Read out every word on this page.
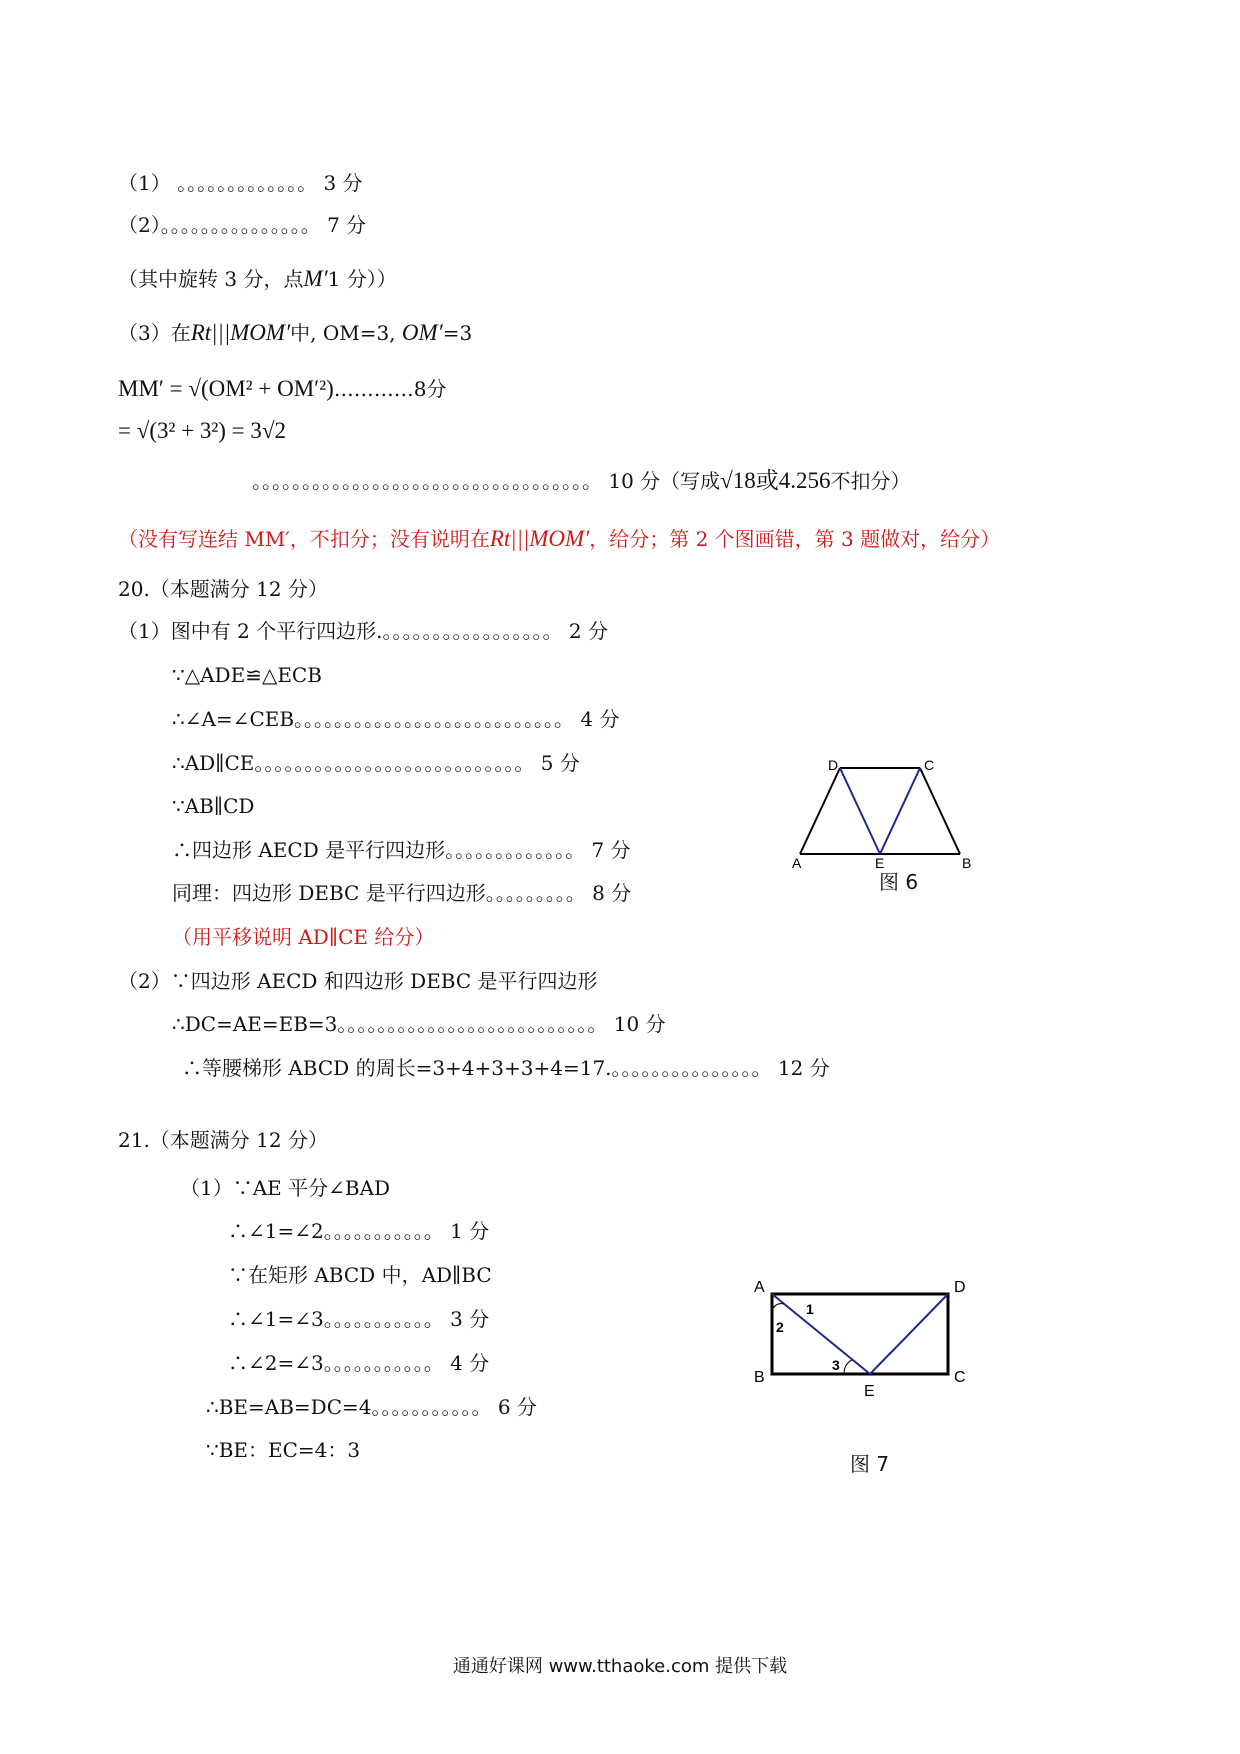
（1） 。。。。。。。。。。。。。 3 分
（2）。。。。。。。。。。。。。。。 7 分
（其中旋转 3 分，点M′1 分））
（3）在Rt|||MOM′中, OM=3, OM′=3
MM′ = √(OM² + OM′²)…………8分
= √(3² + 3²) = 3√2
。。。。。。。。。。。。。。。。。。。。。。。。。。。。。。。。。。 10 分（写成√18或4.256不扣分）
（没有写连结 MM′，不扣分；没有说明在Rt|||MOM′，给分；第 2 个图画错，第 3 题做对，给分）
20.（本题满分 12 分）
（1）图中有 2 个平行四边形.。。。。。。。。。。。。。。。。。 2 分
∵△ADE≌△ECB
∴∠A=∠CEB。。。。。。。。。。。。。。。。。。。。。。。。。。。 4 分
∴AD∥CE。。。。。。。。。。。。。。。。。。。。。。。。。。。 5 分
∵AB∥CD
∴四边形 AECD 是平行四边形。。。。。。。。。。。。。 7 分
同理：四边形 DEBC 是平行四边形。。。。。。。。。 8 分
（用平移说明 AD∥CE 给分）
（2）∵四边形 AECD 和四边形 DEBC 是平行四边形
∴DC=AE=EB=3。。。。。。。。。。。。。。。。。。。。。。。。。。 10 分
∴等腰梯形 ABCD 的周长=3+4+3+3+4=17.。。。。。。。。。。。。。。。 12 分
D	C
A	E	B
图 6
21.（本题满分 12 分）
（1）∵AE 平分∠BAD
∴∠1=∠2。。。。。。。。。。。 1 分
∵在矩形 ABCD 中，AD∥BC
∴∠1=∠3。。。。。。。。。。。 3 分
∴∠2=∠3。。。。。。。。。。。 4 分
∴BE=AB=DC=4。。。。。。。。。。。 6 分
∵BE：EC=4：3
A	D
B	C
E
1
2
3
图 7
通通好课网 www.tthaoke.com 提供下载
